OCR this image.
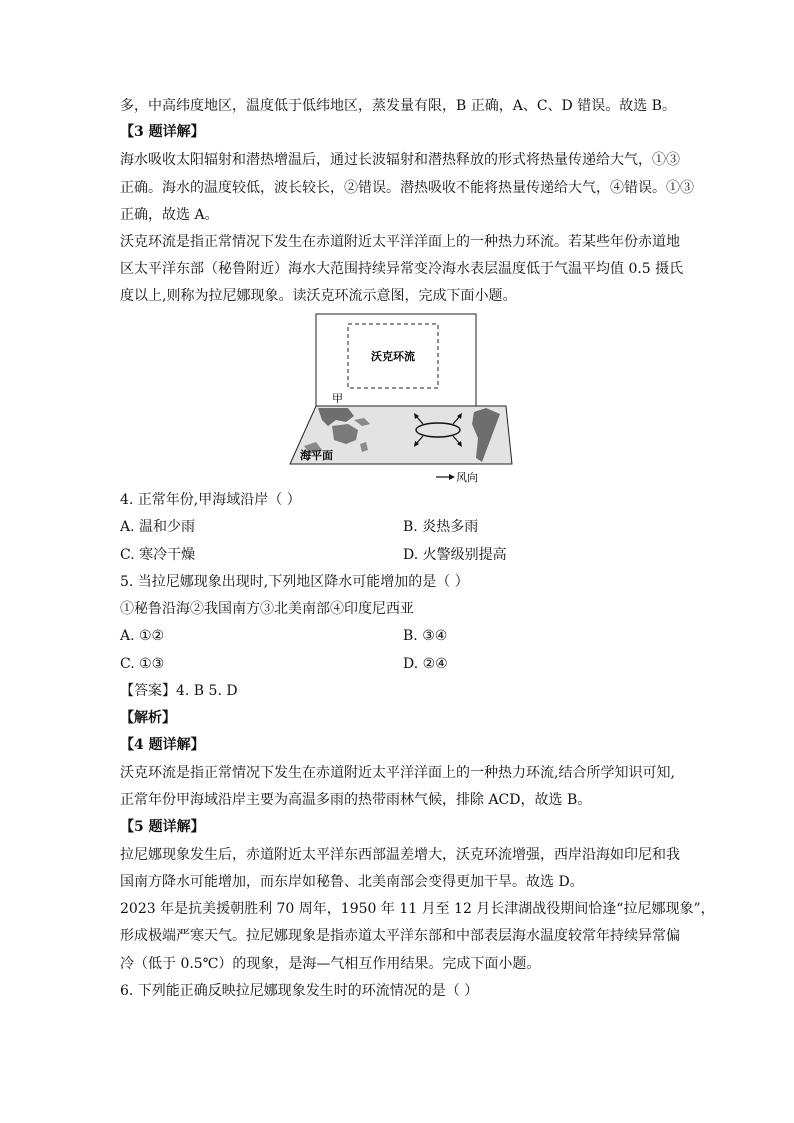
多，中高纬度地区，温度低于低纬地区，蒸发量有限，B 正确，A、C、D 错误。故选 B。
【3 题详解】
海水吸收太阳辐射和潜热增温后，通过长波辐射和潜热释放的形式将热量传递给大气，①③
正确。海水的温度较低，波长较长，②错误。潜热吸收不能将热量传递给大气，④错误。①③
正确，故选 A。
沃克环流是指正常情况下发生在赤道附近太平洋洋面上的一种热力环流。若某些年份赤道地
区太平洋东部（秘鲁附近）海水大范围持续异常变冷海水表层温度低于气温平均值 0.5 摄氏
度以上,则称为拉尼娜现象。读沃克环流示意图，完成下面小题。
沃克环流
甲
海平面
风向
4. 正常年份,甲海域沿岸（ ）
A. 温和少雨	B. 炎热多雨
C. 寒冷干燥	D. 火警级别提高
5. 当拉尼娜现象出现时,下列地区降水可能增加的是（ ）
①秘鲁沿海②我国南方③北美南部④印度尼西亚
A. ①②	B. ③④
C. ①③	D. ②④
【答案】4. B 5. D
【解析】
【4 题详解】
沃克环流是指正常情况下发生在赤道附近太平洋洋面上的一种热力环流,结合所学知识可知,
正常年份甲海域沿岸主要为高温多雨的热带雨林气候，排除 ACD，故选 B。
【5 题详解】
拉尼娜现象发生后，赤道附近太平洋东西部温差增大，沃克环流增强，西岸沿海如印尼和我
国南方降水可能增加，而东岸如秘鲁、北美南部会变得更加干旱。故选 D。
2023 年是抗美援朝胜利 70 周年，1950 年 11 月至 12 月长津湖战役期间恰逢“拉尼娜现象”，
形成极端严寒天气。拉尼娜现象是指赤道太平洋东部和中部表层海水温度较常年持续异常偏
冷（低于 0.5℃）的现象，是海—气相互作用结果。完成下面小题。
6. 下列能正确反映拉尼娜现象发生时的环流情况的是（ ）
